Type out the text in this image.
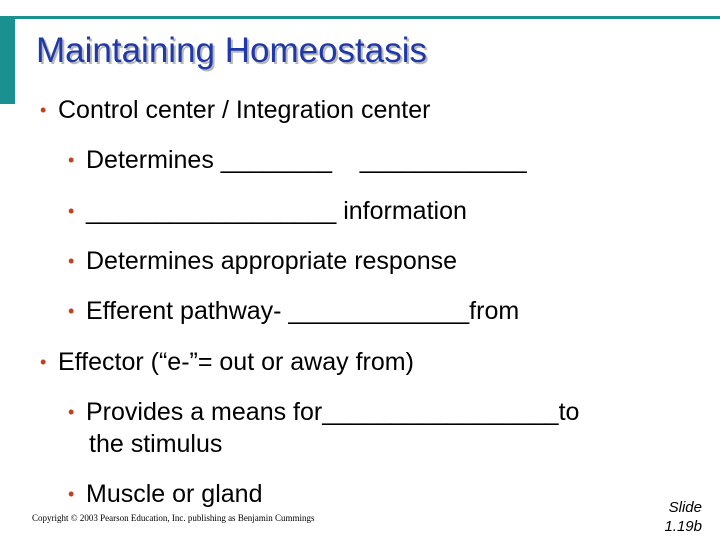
Maintaining Homeostasis
• Control center / Integration center
• Determines ________    ____________
• __________________ information
• Determines appropriate response
• Efferent pathway- _____________from
• Effector (“e-”= out or away from)
• Provides a means for_________________to
the stimulus
• Muscle or gland
Copyright © 2003 Pearson Education, Inc. publishing as Benjamin Cummings
Slide
1.19b
